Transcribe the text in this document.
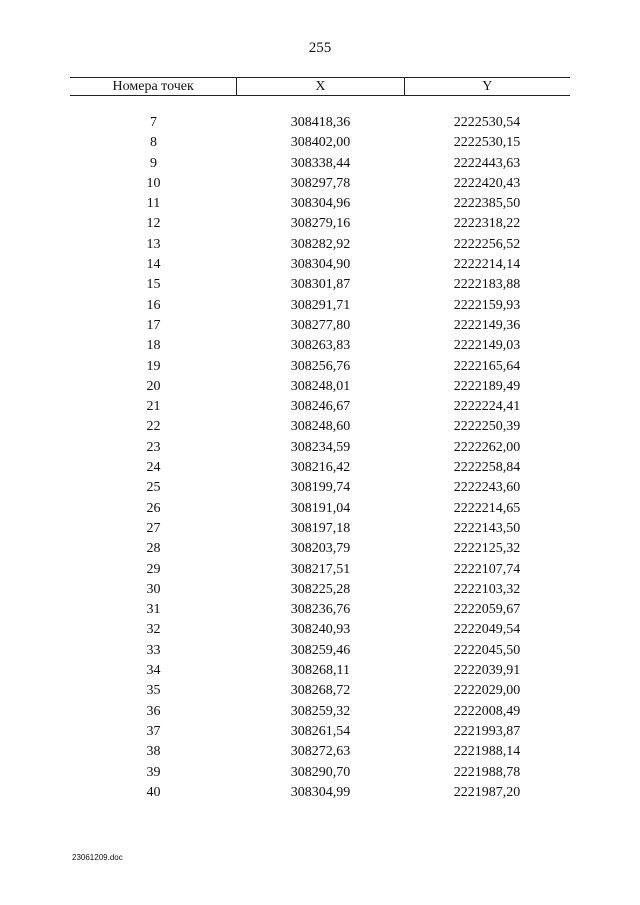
255
Номера точек	X	Y
7	308418,36	2222530,54
8	308402,00	2222530,15
9	308338,44	2222443,63
10	308297,78	2222420,43
11	308304,96	2222385,50
12	308279,16	2222318,22
13	308282,92	2222256,52
14	308304,90	2222214,14
15	308301,87	2222183,88
16	308291,71	2222159,93
17	308277,80	2222149,36
18	308263,83	2222149,03
19	308256,76	2222165,64
20	308248,01	2222189,49
21	308246,67	2222224,41
22	308248,60	2222250,39
23	308234,59	2222262,00
24	308216,42	2222258,84
25	308199,74	2222243,60
26	308191,04	2222214,65
27	308197,18	2222143,50
28	308203,79	2222125,32
29	308217,51	2222107,74
30	308225,28	2222103,32
31	308236,76	2222059,67
32	308240,93	2222049,54
33	308259,46	2222045,50
34	308268,11	2222039,91
35	308268,72	2222029,00
36	308259,32	2222008,49
37	308261,54	2221993,87
38	308272,63	2221988,14
39	308290,70	2221988,78
40	308304,99	2221987,20
23061209.doc
